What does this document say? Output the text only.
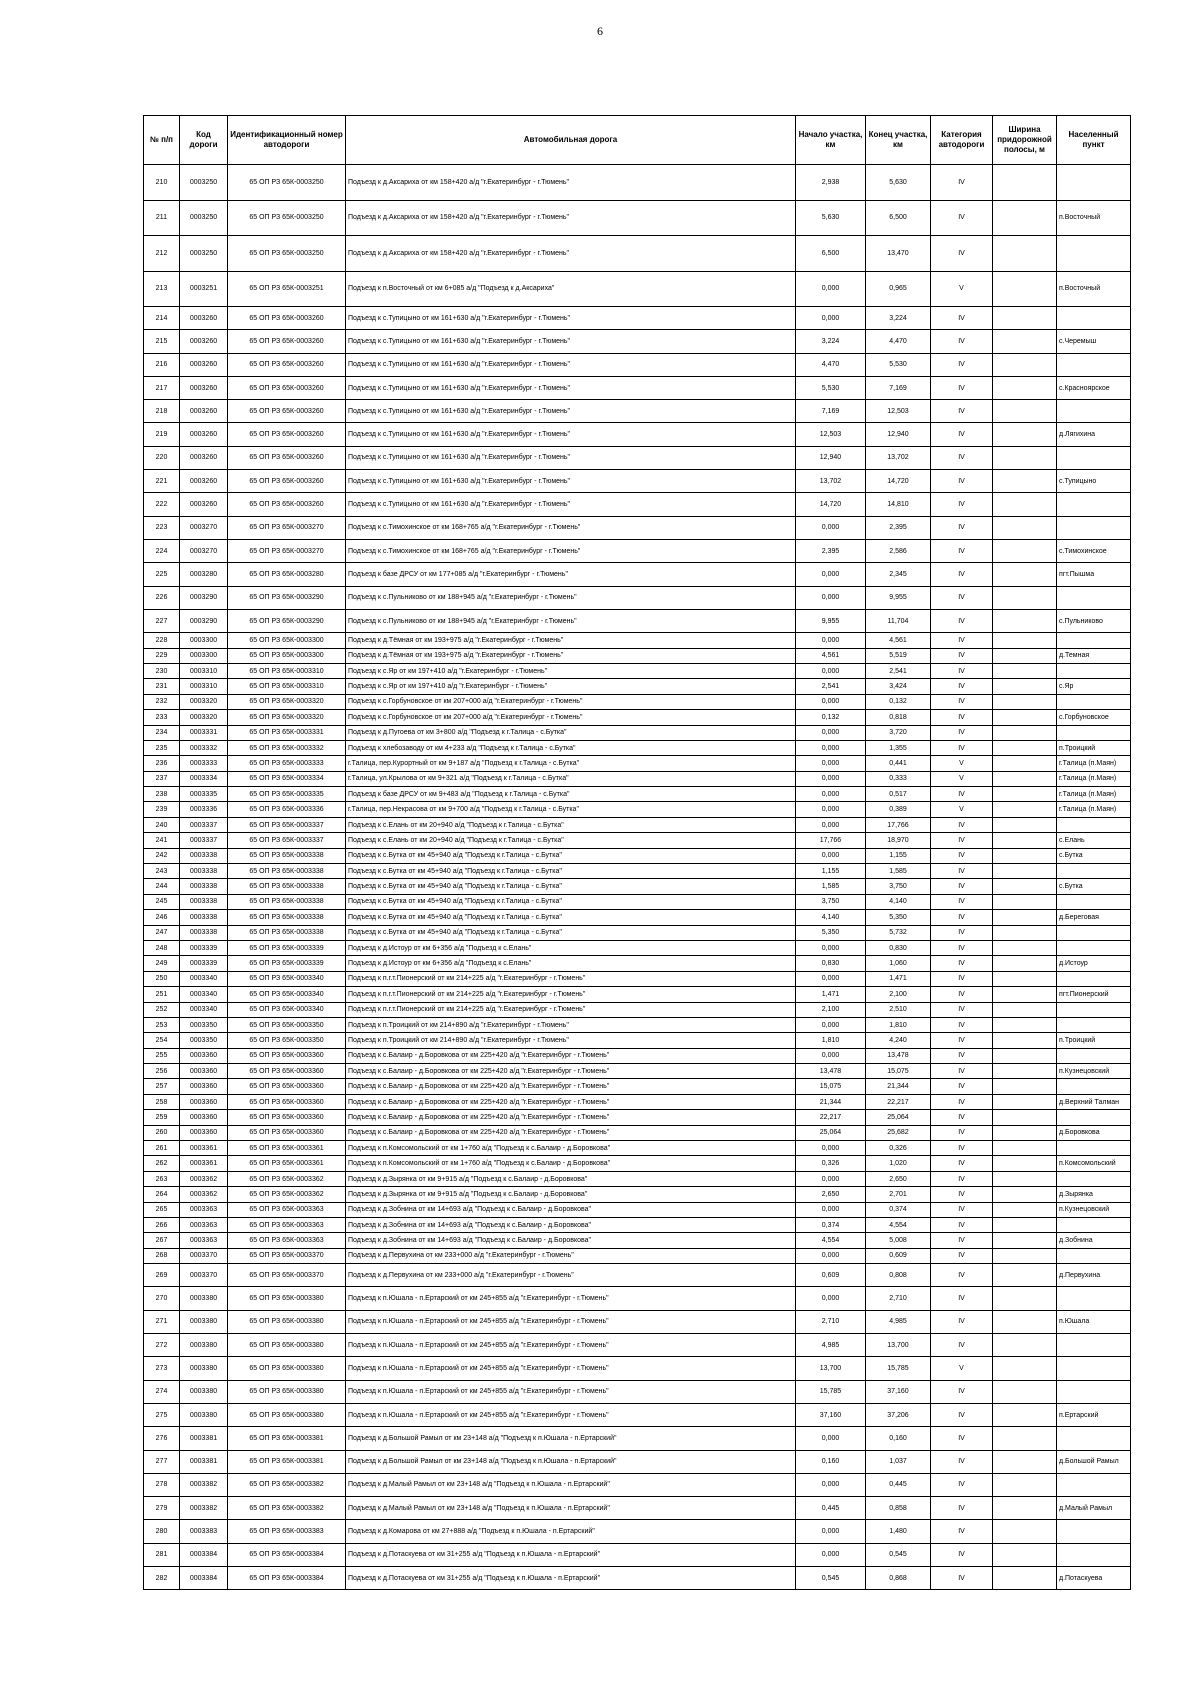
6
№ п/п	Код дороги	Идентификационный номер автодороги	Автомобильная дорога	Начало участка, км	Конец участка, км	Категория автодороги	Ширина придорожной полосы, м	Населенный пункт
210	0003250	65 ОП РЗ 65К-0003250	Подъезд к д.Аксариха от км 158+420 а/д "г.Екатеринбург - г.Тюмень"	2,938	5,630	IV		
211	0003250	65 ОП РЗ 65К-0003250	Подъезд к д.Аксариха от км 158+420 а/д "г.Екатеринбург - г.Тюмень"	5,630	6,500	IV		п.Восточный
212	0003250	65 ОП РЗ 65К-0003250	Подъезд к д.Аксариха от км 158+420 а/д "г.Екатеринбург - г.Тюмень"	6,500	13,470	IV		
213	0003251	65 ОП РЗ 65К-0003251	Подъезд к п.Восточный от км 6+085 а/д "Подъезд к д.Аксариха"	0,000	0,965	V		п.Восточный
214	0003260	65 ОП РЗ 65К-0003260	Подъезд к с.Тупицыно от км 161+630 а/д "г.Екатеринбург - г.Тюмень"	0,000	3,224	IV		
215	0003260	65 ОП РЗ 65К-0003260	Подъезд к с.Тупицыно от км 161+630 а/д "г.Екатеринбург - г.Тюмень"	3,224	4,470	IV		с.Черемыш
216	0003260	65 ОП РЗ 65К-0003260	Подъезд к с.Тупицыно от км 161+630 а/д "г.Екатеринбург - г.Тюмень"	4,470	5,530	IV		
217	0003260	65 ОП РЗ 65К-0003260	Подъезд к с.Тупицыно от км 161+630 а/д "г.Екатеринбург - г.Тюмень"	5,530	7,169	IV		с.Красноярское
218	0003260	65 ОП РЗ 65К-0003260	Подъезд к с.Тупицыно от км 161+630 а/д "г.Екатеринбург - г.Тюмень"	7,169	12,503	IV		
219	0003260	65 ОП РЗ 65К-0003260	Подъезд к с.Тупицыно от км 161+630 а/д "г.Екатеринбург - г.Тюмень"	12,503	12,940	IV		д.Лягихина
220	0003260	65 ОП РЗ 65К-0003260	Подъезд к с.Тупицыно от км 161+630 а/д "г.Екатеринбург - г.Тюмень"	12,940	13,702	IV		
221	0003260	65 ОП РЗ 65К-0003260	Подъезд к с.Тупицыно от км 161+630 а/д "г.Екатеринбург - г.Тюмень"	13,702	14,720	IV		с.Тупицыно
222	0003260	65 ОП РЗ 65К-0003260	Подъезд к с.Тупицыно от км 161+630 а/д "г.Екатеринбург - г.Тюмень"	14,720	14,810	IV		
223	0003270	65 ОП РЗ 65К-0003270	Подъезд к с.Тимохинское от км 168+765 а/д "г.Екатеринбург - г.Тюмень"	0,000	2,395	IV		
224	0003270	65 ОП РЗ 65К-0003270	Подъезд к с.Тимохинское от км 168+765 а/д "г.Екатеринбург - г.Тюмень"	2,395	2,586	IV		с.Тимохинское
225	0003280	65 ОП РЗ 65К-0003280	Подъезд к базе ДРСУ от км 177+085 а/д "г.Екатеринбург - г.Тюмень"	0,000	2,345	IV		пгт.Пышма
226	0003290	65 ОП РЗ 65К-0003290	Подъезд к с.Пульниково от км 188+945 а/д "г.Екатеринбург - г.Тюмень"	0,000	9,955	IV		
227	0003290	65 ОП РЗ 65К-0003290	Подъезд к с.Пульниково от км 188+945 а/д "г.Екатеринбург - г.Тюмень"	9,955	11,704	IV		с.Пульниково
228	0003300	65 ОП РЗ 65К-0003300	Подъезд к д.Тёмная от км 193+975 а/д "г.Екатеринбург - г.Тюмень"	0,000	4,561	IV		
229	0003300	65 ОП РЗ 65К-0003300	Подъезд к д.Тёмная от км 193+975 а/д "г.Екатеринбург - г.Тюмень"	4,561	5,519	IV		д.Темная
230	0003310	65 ОП РЗ 65К-0003310	Подъезд к с.Яр от км 197+410 а/д "г.Екатеринбург - г.Тюмень"	0,000	2,541	IV		
231	0003310	65 ОП РЗ 65К-0003310	Подъезд к с.Яр от км 197+410 а/д "г.Екатеринбург - г.Тюмень"	2,541	3,424	IV		с.Яр
232	0003320	65 ОП РЗ 65К-0003320	Подъезд к с.Горбуновское от км 207+000 а/д "г.Екатеринбург - г.Тюмень"	0,000	0,132	IV		
233	0003320	65 ОП РЗ 65К-0003320	Подъезд к с.Горбуновское от км 207+000 а/д "г.Екатеринбург - г.Тюмень"	0,132	0,818	IV		с.Горбуновское
234	0003331	65 ОП РЗ 65К-0003331	Подъезд к д.Пугоева от км 3+800 а/д "Подъезд к г.Талица - с.Бутка"	0,000	3,720	IV		
235	0003332	65 ОП РЗ 65К-0003332	Подъезд к хлебозаводу от км 4+233 а/д "Подъезд к г.Талица - с.Бутка"	0,000	1,355	IV		п.Троицкий
236	0003333	65 ОП РЗ 65К-0003333	г.Талица, пер.Курортный от км 9+187 а/д "Подъезд к г.Талица - с.Бутка"	0,000	0,441	V		г.Талица (п.Маян)
237	0003334	65 ОП РЗ 65К-0003334	г.Талица, ул.Крылова от км 9+321 а/д "Подъезд к г.Талица - с.Бутка"	0,000	0,333	V		г.Талица (п.Маян)
238	0003335	65 ОП РЗ 65К-0003335	Подъезд к базе ДРСУ от км 9+483 а/д "Подъезд к г.Талица - с.Бутка"	0,000	0,517	IV		г.Талица (п.Маян)
239	0003336	65 ОП РЗ 65К-0003336	г.Талица, пер.Некрасова от км 9+700 а/д "Подъезд к г.Талица - с.Бутка"	0,000	0,389	V		г.Талица (п.Маян)
240	0003337	65 ОП РЗ 65К-0003337	Подъезд к с.Елань от км 20+940 а/д "Подъезд к г.Талица - с.Бутка"	0,000	17,766	IV		
241	0003337	65 ОП РЗ 65К-0003337	Подъезд к с.Елань от км 20+940 а/д "Подъезд к г.Талица - с.Бутка"	17,766	18,970	IV		с.Елань
242	0003338	65 ОП РЗ 65К-0003338	Подъезд к с.Бутка от км 45+940 а/д "Подъезд к г.Талица - с.Бутка"	0,000	1,155	IV		с.Бутка
243	0003338	65 ОП РЗ 65К-0003338	Подъезд к с.Бутка от км 45+940 а/д "Подъезд к г.Талица - с.Бутка"	1,155	1,585	IV		
244	0003338	65 ОП РЗ 65К-0003338	Подъезд к с.Бутка от км 45+940 а/д "Подъезд к г.Талица - с.Бутка"	1,585	3,750	IV		с.Бутка
245	0003338	65 ОП РЗ 65К-0003338	Подъезд к с.Бутка от км 45+940 а/д "Подъезд к г.Талица - с.Бутка"	3,750	4,140	IV		
246	0003338	65 ОП РЗ 65К-0003338	Подъезд к с.Бутка от км 45+940 а/д "Подъезд к г.Талица - с.Бутка"	4,140	5,350	IV		д.Береговая
247	0003338	65 ОП РЗ 65К-0003338	Подъезд к с.Бутка от км 45+940 а/д "Подъезд к г.Талица - с.Бутка"	5,350	5,732	IV		
248	0003339	65 ОП РЗ 65К-0003339	Подъезд к д.Истоур от км 6+356 а/д "Подъезд к с.Елань"	0,000	0,830	IV		
249	0003339	65 ОП РЗ 65К-0003339	Подъезд к д.Истоур от км 6+356 а/д "Подъезд к с.Елань"	0,830	1,060	IV		д.Истоур
250	0003340	65 ОП РЗ 65К-0003340	Подъезд к п.г.т.Пионерский от км 214+225 а/д "г.Екатеринбург - г.Тюмень"	0,000	1,471	IV		
251	0003340	65 ОП РЗ 65К-0003340	Подъезд к п.г.т.Пионерский от км 214+225 а/д "г.Екатеринбург - г.Тюмень"	1,471	2,100	IV		пгт.Пионерский
252	0003340	65 ОП РЗ 65К-0003340	Подъезд к п.г.т.Пионерский от км 214+225 а/д "г.Екатеринбург - г.Тюмень"	2,100	2,510	IV		
253	0003350	65 ОП РЗ 65К-0003350	Подъезд к п.Троицкий от км 214+890 а/д "г.Екатеринбург - г.Тюмень"	0,000	1,810	IV		
254	0003350	65 ОП РЗ 65К-0003350	Подъезд к п.Троицкий от км 214+890 а/д "г.Екатеринбург - г.Тюмень"	1,810	4,240	IV		п.Троицкий
255	0003360	65 ОП РЗ 65К-0003360	Подъезд к с.Балаир - д.Боровкова от км 225+420 а/д "г.Екатеринбург - г.Тюмень"	0,000	13,478	IV		
256	0003360	65 ОП РЗ 65К-0003360	Подъезд к с.Балаир - д.Боровкова от км 225+420 а/д "г.Екатеринбург - г.Тюмень"	13,478	15,075	IV		п.Кузнецовский
257	0003360	65 ОП РЗ 65К-0003360	Подъезд к с.Балаир - д.Боровкова от км 225+420 а/д "г.Екатеринбург - г.Тюмень"	15,075	21,344	IV		
258	0003360	65 ОП РЗ 65К-0003360	Подъезд к с.Балаир - д.Боровкова от км 225+420 а/д "г.Екатеринбург - г.Тюмень"	21,344	22,217	IV		д.Верхний Талман
259	0003360	65 ОП РЗ 65К-0003360	Подъезд к с.Балаир - д.Боровкова от км 225+420 а/д "г.Екатеринбург - г.Тюмень"	22,217	25,064	IV		
260	0003360	65 ОП РЗ 65К-0003360	Подъезд к с.Балаир - д.Боровкова от км 225+420 а/д "г.Екатеринбург - г.Тюмень"	25,064	25,682	IV		д.Боровкова
261	0003361	65 ОП РЗ 65К-0003361	Подъезд к п.Комсомольский от км 1+760 а/д "Подъезд к с.Балаир - д.Боровкова"	0,000	0,326	IV		
262	0003361	65 ОП РЗ 65К-0003361	Подъезд к п.Комсомольский от км 1+760 а/д "Подъезд к с.Балаир - д.Боровкова"	0,326	1,020	IV		п.Комсомольский
263	0003362	65 ОП РЗ 65К-0003362	Подъезд к д.Зырянка от км 9+915 а/д "Подъезд к с.Балаир - д.Боровкова"	0,000	2,650	IV		
264	0003362	65 ОП РЗ 65К-0003362	Подъезд к д.Зырянка от км 9+915 а/д "Подъезд к с.Балаир - д.Боровкова"	2,650	2,701	IV		д.Зырянка
265	0003363	65 ОП РЗ 65К-0003363	Подъезд к д.Зобнина от км 14+693 а/д "Подъезд к с.Балаир - д.Боровкова"	0,000	0,374	IV		п.Кузнецовский
266	0003363	65 ОП РЗ 65К-0003363	Подъезд к д.Зобнина от км 14+693 а/д "Подъезд к с.Балаир - д.Боровкова"	0,374	4,554	IV		
267	0003363	65 ОП РЗ 65К-0003363	Подъезд к д.Зобнина от км 14+693 а/д "Подъезд к с.Балаир - д.Боровкова"	4,554	5,008	IV		д.Зобнина
268	0003370	65 ОП РЗ 65К-0003370	Подъезд к д.Первухина от км 233+000 а/д "г.Екатеринбург - г.Тюмень"	0,000	0,609	IV		
269	0003370	65 ОП РЗ 65К-0003370	Подъезд к д.Первухина от км 233+000 а/д "г.Екатеринбург - г.Тюмень"	0,609	0,808	IV		д.Первухина
270	0003380	65 ОП РЗ 65К-0003380	Подъезд к п.Юшала - п.Ертарский от км 245+855 а/д "г.Екатеринбург - г.Тюмень"	0,000	2,710	IV		
271	0003380	65 ОП РЗ 65К-0003380	Подъезд к п.Юшала - п.Ертарский от км 245+855 а/д "г.Екатеринбург - г.Тюмень"	2,710	4,985	IV		п.Юшала
272	0003380	65 ОП РЗ 65К-0003380	Подъезд к п.Юшала - п.Ертарский от км 245+855 а/д "г.Екатеринбург - г.Тюмень"	4,985	13,700	IV		
273	0003380	65 ОП РЗ 65К-0003380	Подъезд к п.Юшала - п.Ертарский от км 245+855 а/д "г.Екатеринбург - г.Тюмень"	13,700	15,785	V		
274	0003380	65 ОП РЗ 65К-0003380	Подъезд к п.Юшала - п.Ертарский от км 245+855 а/д "г.Екатеринбург - г.Тюмень"	15,785	37,160	IV		
275	0003380	65 ОП РЗ 65К-0003380	Подъезд к п.Юшала - п.Ертарский от км 245+855 а/д "г.Екатеринбург - г.Тюмень"	37,160	37,206	IV		п.Ертарский
276	0003381	65 ОП РЗ 65К-0003381	Подъезд к д.Большой Рамыл от км 23+148 а/д "Подъезд к п.Юшала - п.Ертарский"	0,000	0,160	IV		
277	0003381	65 ОП РЗ 65К-0003381	Подъезд к д.Большой Рамыл от км 23+148 а/д "Подъезд к п.Юшала - п.Ертарский"	0,160	1,037	IV		д.Большой Рамыл
278	0003382	65 ОП РЗ 65К-0003382	Подъезд к д.Малый Рамыл от км 23+148 а/д "Подъезд к п.Юшала - п.Ертарский"	0,000	0,445	IV		
279	0003382	65 ОП РЗ 65К-0003382	Подъезд к д.Малый Рамыл от км 23+148 а/д "Подъезд к п.Юшала - п.Ертарский"	0,445	0,858	IV		д.Малый Рамыл
280	0003383	65 ОП РЗ 65К-0003383	Подъезд к д.Комарова от км 27+888 а/д "Подъезд к п.Юшала - п.Ертарский"	0,000	1,480	IV		
281	0003384	65 ОП РЗ 65К-0003384	Подъезд к д.Потаскуева от км 31+255 а/д "Подъезд к п.Юшала - п.Ертарский"	0,000	0,545	IV		
282	0003384	65 ОП РЗ 65К-0003384	Подъезд к д.Потаскуева от км 31+255 а/д "Подъезд к п.Юшала - п.Ертарский"	0,545	0,868	IV		д.Потаскуева
